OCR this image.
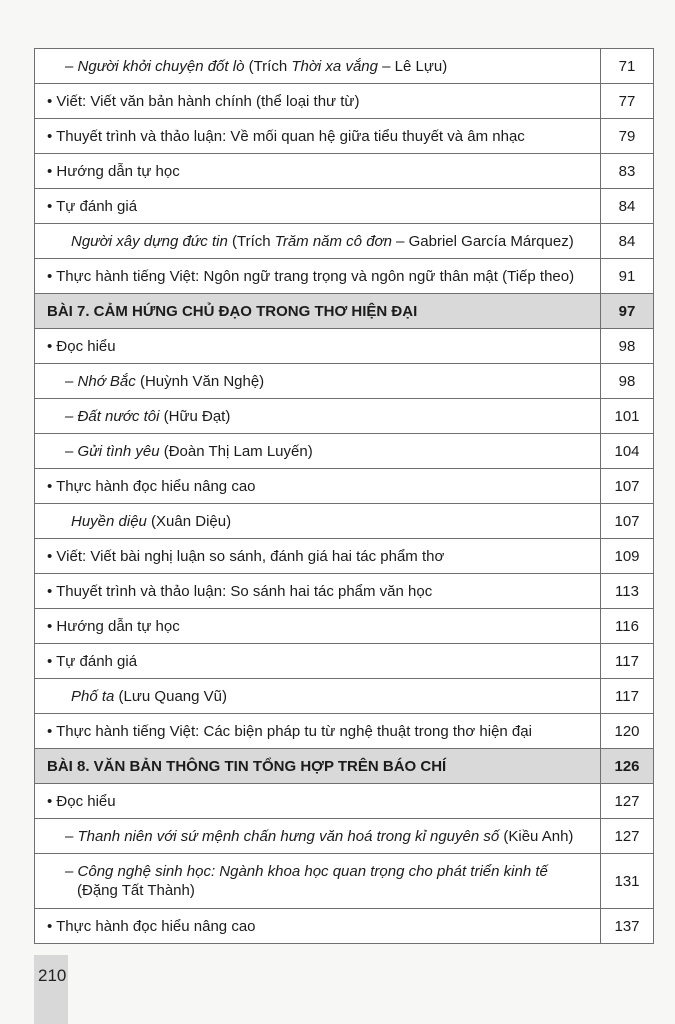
– Người khởi chuyện đốt lò (Trích Thời xa vắng – Lê Lựu)	71
• Viết: Viết văn bản hành chính (thể loại thư từ)	77
• Thuyết trình và thảo luận: Về mối quan hệ giữa tiểu thuyết và âm nhạc	79
• Hướng dẫn tự học	83
• Tự đánh giá	84
Người xây dựng đức tin (Trích Trăm năm cô đơn – Gabriel García Márquez)	84
• Thực hành tiếng Việt: Ngôn ngữ trang trọng và ngôn ngữ thân mật (Tiếp theo)	91
BÀI 7. CẢM HỨNG CHỦ ĐẠO TRONG THƠ HIỆN ĐẠI	97
• Đọc hiểu	98
– Nhớ Bắc (Huỳnh Văn Nghệ)	98
– Đất nước tôi (Hữu Đạt)	101
– Gửi tình yêu (Đoàn Thị Lam Luyến)	104
• Thực hành đọc hiểu nâng cao	107
Huyền diệu (Xuân Diệu)	107
• Viết: Viết bài nghị luận so sánh, đánh giá hai tác phẩm thơ	109
• Thuyết trình và thảo luận: So sánh hai tác phẩm văn học	113
• Hướng dẫn tự học	116
• Tự đánh giá	117
Phố ta (Lưu Quang Vũ)	117
• Thực hành tiếng Việt: Các biện pháp tu từ nghệ thuật trong thơ hiện đại	120
BÀI 8. VĂN BẢN THÔNG TIN TỔNG HỢP TRÊN BÁO CHÍ	126
• Đọc hiểu	127
– Thanh niên với sứ mệnh chấn hưng văn hoá trong kỉ nguyên số (Kiều Anh)	127
– Công nghệ sinh học: Ngành khoa học quan trọng cho phát triển kinh tế
(Đặng Tất Thành)	131
• Thực hành đọc hiểu nâng cao	137
210
